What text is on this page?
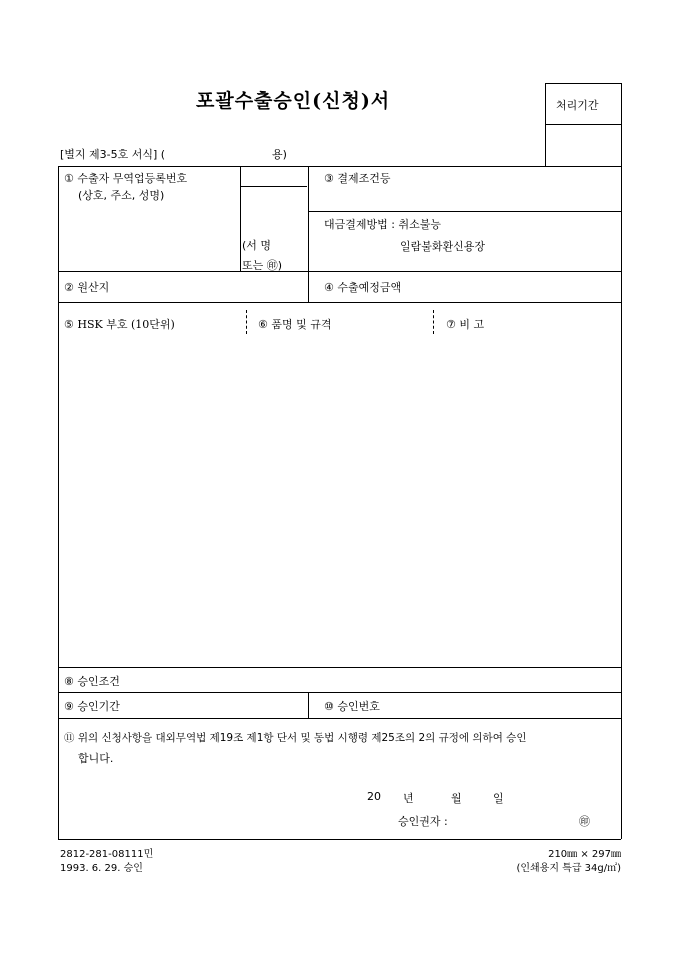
포괄수출승인(신청)서	처리기간
[별지 제3-5호 서식] (	용)
① 수출자 무역업등록번호
(상호, 주소, 성명)
(서 명
또는 ㊞)
③ 결제조건등
대금결제방법 : 취소불능
일람불화환신용장
② 원산지	④ 수출예정금액
⑤ HSK 부호 (10단위)	⑥ 품명 및 규격	⑦ 비 고
⑧ 승인조건
⑨ 승인기간	⑩ 승인번호
⑪ 위의 신청사항을 대외무역법 제19조 제1항 단서 및 동법 시행령 제25조의 2의 규정에 의하여 승인
합니다.
20 년	월	일
승인권자 :	㊞
2812-281-08111민
1993. 6. 29. 승인
210㎜ × 297㎜
(인쇄용지 특급 34g/㎡)
